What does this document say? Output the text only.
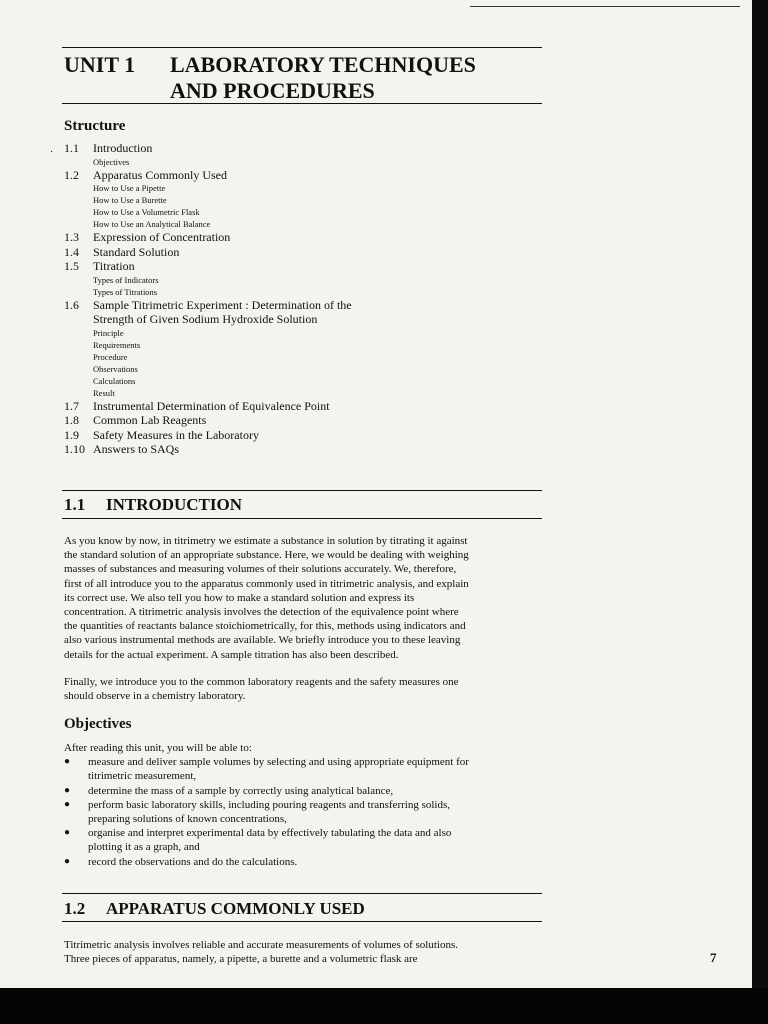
UNIT 1 LABORATORY TECHNIQUES
AND PROCEDURES
Structure
· 1.1 Introduction
Objectives
1.2 Apparatus Commonly Used
How to Use a Pipette
How to Use a Burette
How to Use a Volumetric Flask
How to Use an Analytical Balance
1.3 Expression of Concentration
1.4 Standard Solution
1.5 Titration
Types of Indicators
Types of Titrations
1.6 Sample Titrimetric Experiment : Determination of the
Strength of Given Sodium Hydroxide Solution
Principle
Requirements
Procedure
Observations
Calculations
Result
1.7 Instrumental Determination of Equivalence Point
1.8 Common Lab Reagents
1.9 Safety Measures in the Laboratory
1.10 Answers to SAQs
1.1 INTRODUCTION
As you know by now, in titrimetry we estimate a substance in solution by titrating it against
the standard solution of an appropriate substance. Here, we would be dealing with weighing
masses of substances and measuring volumes of their solutions accurately. We, therefore,
first of all introduce you to the apparatus commonly used in titrimetric analysis, and explain
its correct use. We also tell you how to make a standard solution and express its
concentration. A titrimetric analysis involves the detection of the equivalence point where
the quantities of reactants balance stoichiometrically, for this, methods using indicators and
also various instrumental methods are available. We briefly introduce you to these leaving
details for the actual experiment. A sample titration has also been described.
Finally, we introduce you to the common laboratory reagents and the safety measures one
should observe in a chemistry laboratory.
Objectives
After reading this unit, you will be able to:
● measure and deliver sample volumes by selecting and using appropriate equipment for
titrimetric measurement,
● determine the mass of a sample by correctly using analytical balance,
● perform basic laboratory skills, including pouring reagents and transferring solids,
preparing solutions of known concentrations,
● organise and interpret experimental data by effectively tabulating the data and also
plotting it as a graph, and
● record the observations and do the calculations.
1.2 APPARATUS COMMONLY USED
Titrimetric analysis involves reliable and accurate measurements of volumes of solutions.
Three pieces of apparatus, namely, a pipette, a burette and a volumetric flask are	7
